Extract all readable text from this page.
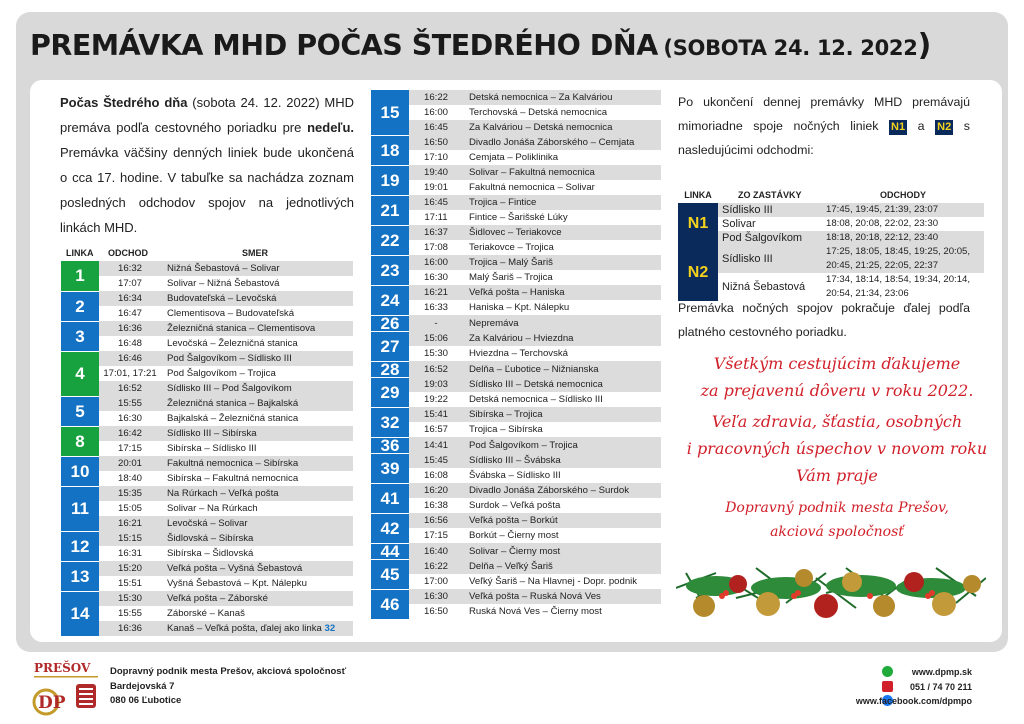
PREMÁVKA MHD POČAS ŠTEDRÉHO DŇA (SOBOTA 24. 12. 2022)
Počas Štedrého dňa (sobota 24. 12. 2022) MHD premáva podľa cestovného poriadku pre nedeľu. Premávka väčšiny denných liniek bude ukončená o cca 17. hodine. V tabuľke sa nachádza zoznam posledných odchodov spojov na jednotlivých linkách MHD.
LINKA ODCHOD	SMER
1	16:32	Nižná Šebastová – Solivar
	17:07	Solivar – Nižná Šebastová
2	16:34	Budovateľská – Levočská
	16:47	Clementisova – Budovateľská
3	16:36	Železničná stanica – Clementisova
	16:48	Levočská – Železničná stanica
4	16:46	Pod Šalgovíkom – Sídlisko III
	17:01, 17:21	Pod Šalgovíkom – Trojica
	16:52	Sídlisko III – Pod Šalgovíkom
5	15:55	Železničná stanica – Bajkalská
	16:30	Bajkalská – Železničná stanica
8	16:42	Sídlisko III – Sibírska
	17:15	Sibírska – Sídlisko III
10	20:01	Fakultná nemocnica – Sibírska
	18:40	Sibírska – Fakultná nemocnica
11	15:35	Na Rúrkach – Veľká pošta
	15:05	Solivar – Na Rúrkach
	16:21	Levočská – Solivar
12	15:15	Šidlovská – Sibírska
	16:31	Sibírska – Šidlovská
13	15:20	Veľká pošta – Vyšná Šebastová
	15:51	Vyšná Šebastová – Kpt. Nálepku
14	15:30	Veľká pošta – Záborské
	15:55	Záborské – Kanaš
	16:36	Kanaš – Veľká pošta, ďalej ako linka 32
15	16:22	Detská nemocnica – Za Kalváriou
	16:00	Terchovská – Detská nemocnica
	16:45	Za Kalváriou – Detská nemocnica
18	16:50	Divadlo Jonáša Záborského – Cemjata
	17:10	Cemjata – Poliklinika
19	19:40	Solivar – Fakultná nemocnica
	19:01	Fakultná nemocnica – Solivar
21	16:45	Trojica – Fintice
	17:11	Fintice – Šarišské Lúky
22	16:37	Šidlovec – Teriakovce
	17:08	Teriakovce – Trojica
23	16:00	Trojica – Malý Šariš
	16:30	Malý Šariš – Trojica
24	16:21	Veľká pošta – Haniska
	16:33	Haniska – Kpt. Nálepku
26	-	Nepremáva
27	15:06	Za Kalváriou – Hviezdna
	15:30	Hviezdna – Terchovská
28	16:52	Delňa – Ľubotice – Nižnianska
29	19:03	Sídlisko III – Detská nemocnica
	19:22	Detská nemocnica – Sídlisko III
32	15:41	Sibírska – Trojica
	16:57	Trojica – Sibírska
36	14:41	Pod Šalgovíkom – Trojica
39	15:45	Sídlisko III – Švábska
	16:08	Švábska – Sídlisko III
41	16:20	Divadlo Jonáša Záborského – Surdok
	16:38	Surdok – Veľká pošta
42	16:56	Veľká pošta – Borkút
	17:15	Borkút – Čierny most
44	16:40	Solivar – Čierny most
45	16:22	Delňa – Veľký Šariš
	17:00	Veľký Šariš – Na Hlavnej - Dopr. podnik
46	16:30	Veľká pošta – Ruská Nová Ves
	16:50	Ruská Nová Ves – Čierny most
Po ukončení dennej premávky MHD premávajú mimoriadne spoje nočných liniek N1 a N2 s nasledujúcimi odchodmi:
LINKA	ZO ZASTÁVKY	ODCHODY
N1	Sídlisko III	17:45, 19:45, 21:39, 23:07
	Solivar	18:08, 20:08, 22:02, 23:30
	Pod Šalgovíkom	18:18, 20:18, 22:12, 23:40
N2	Sídlisko III	17:25, 18:05, 18:45, 19:25, 20:05, 20:45, 21:25, 22:05, 22:37
	Nižná Šebastová	17:34, 18:14, 18:54, 19:34, 20:14, 20:54, 21:34, 23:06
Premávka nočných spojov pokračuje ďalej podľa platného cestovného poriadku.
Všetkým cestujúcim ďakujeme
za prejavenú dôveru v roku 2022.
Veľa zdravia, šťastia, osobných
i pracovných úspechov v novom roku
Vám praje
Dopravný podnik mesta Prešov,
akciová spoločnosť
PREŠOV
DP
Dopravný podnik mesta Prešov, akciová spoločnosť
Bardejovská 7
080 06 Ľubotice
www.dpmp.sk
051 / 74 70 211
www.facebook.com/dpmpo
